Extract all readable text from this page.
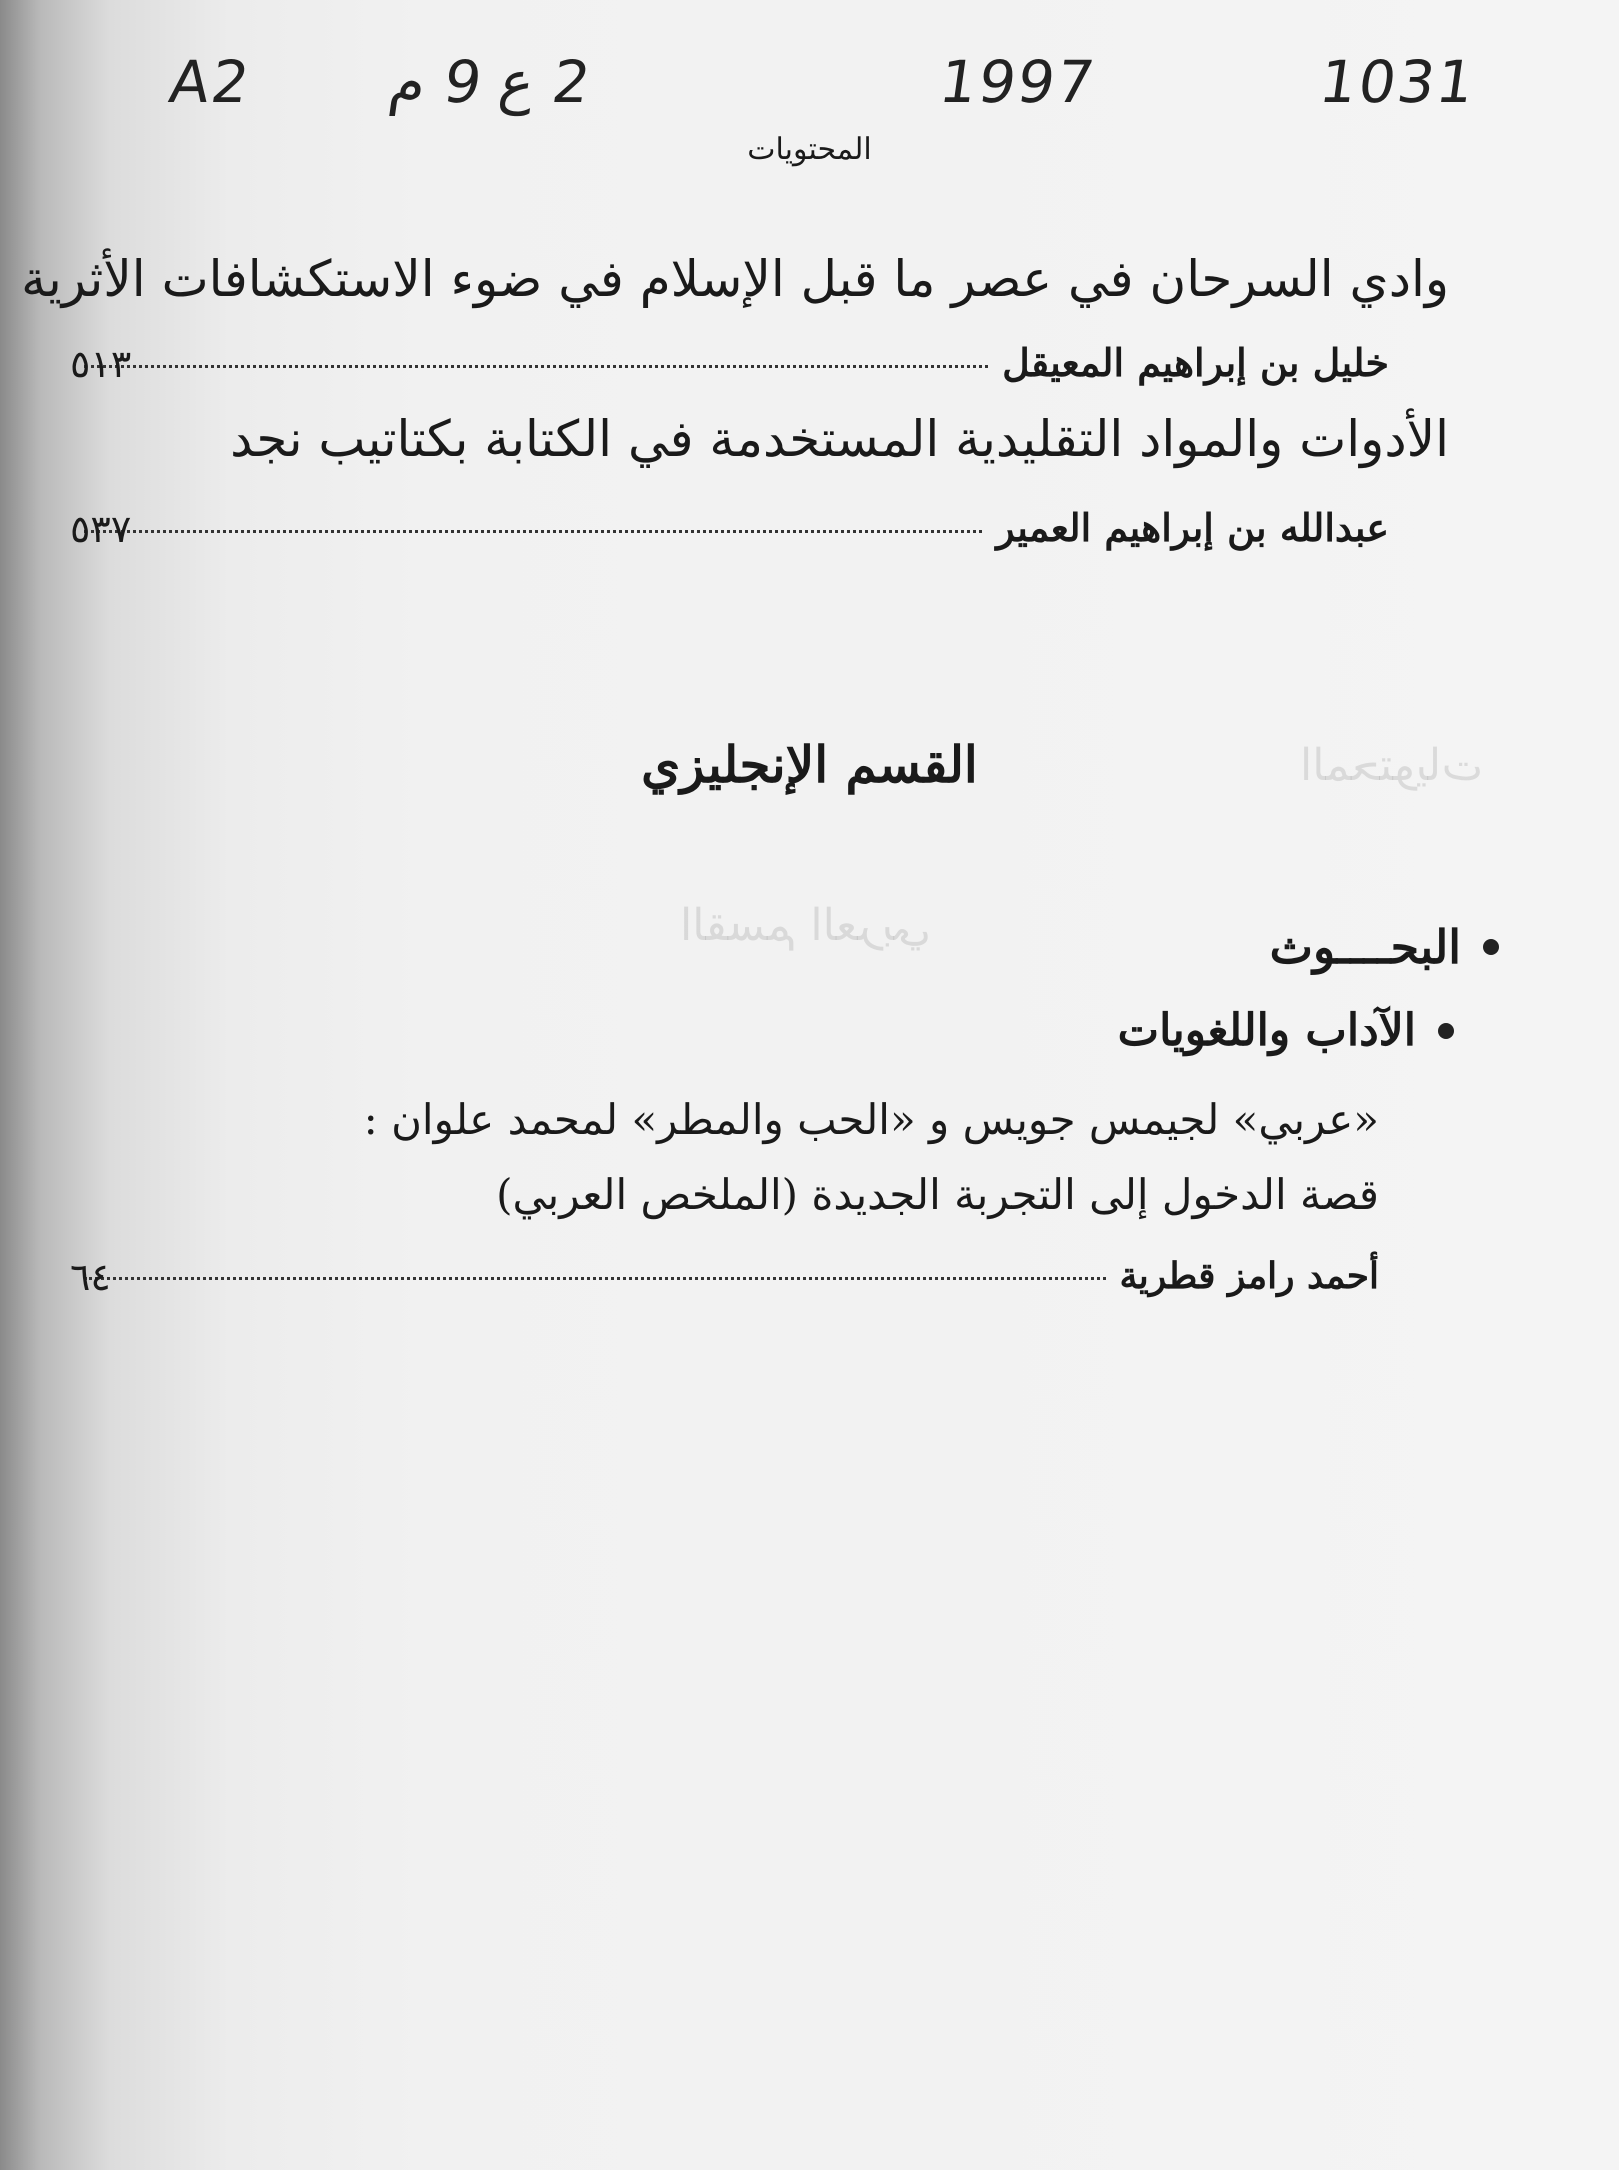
A2 2 ع 9 م	1997	1031
المحتويات
المحتويات
القسم العربي
وادي السرحان في عصر ما قبل الإسلام في ضوء الاستكشافات الأثرية
خليل بن إبراهيم المعيقل
٥١٣
الأدوات والمواد التقليدية المستخدمة في الكتابة بكتاتيب نجد
عبدالله بن إبراهيم العمير
٥٣٧
القسم الإنجليزي
البحــــوث
الآداب واللغويات
«عربي» لجيمس جويس و «الحب والمطر» لمحمد علوان :
قصة الدخول إلى التجربة الجديدة (الملخص العربي)
أحمد رامز قطرية
٦٤
